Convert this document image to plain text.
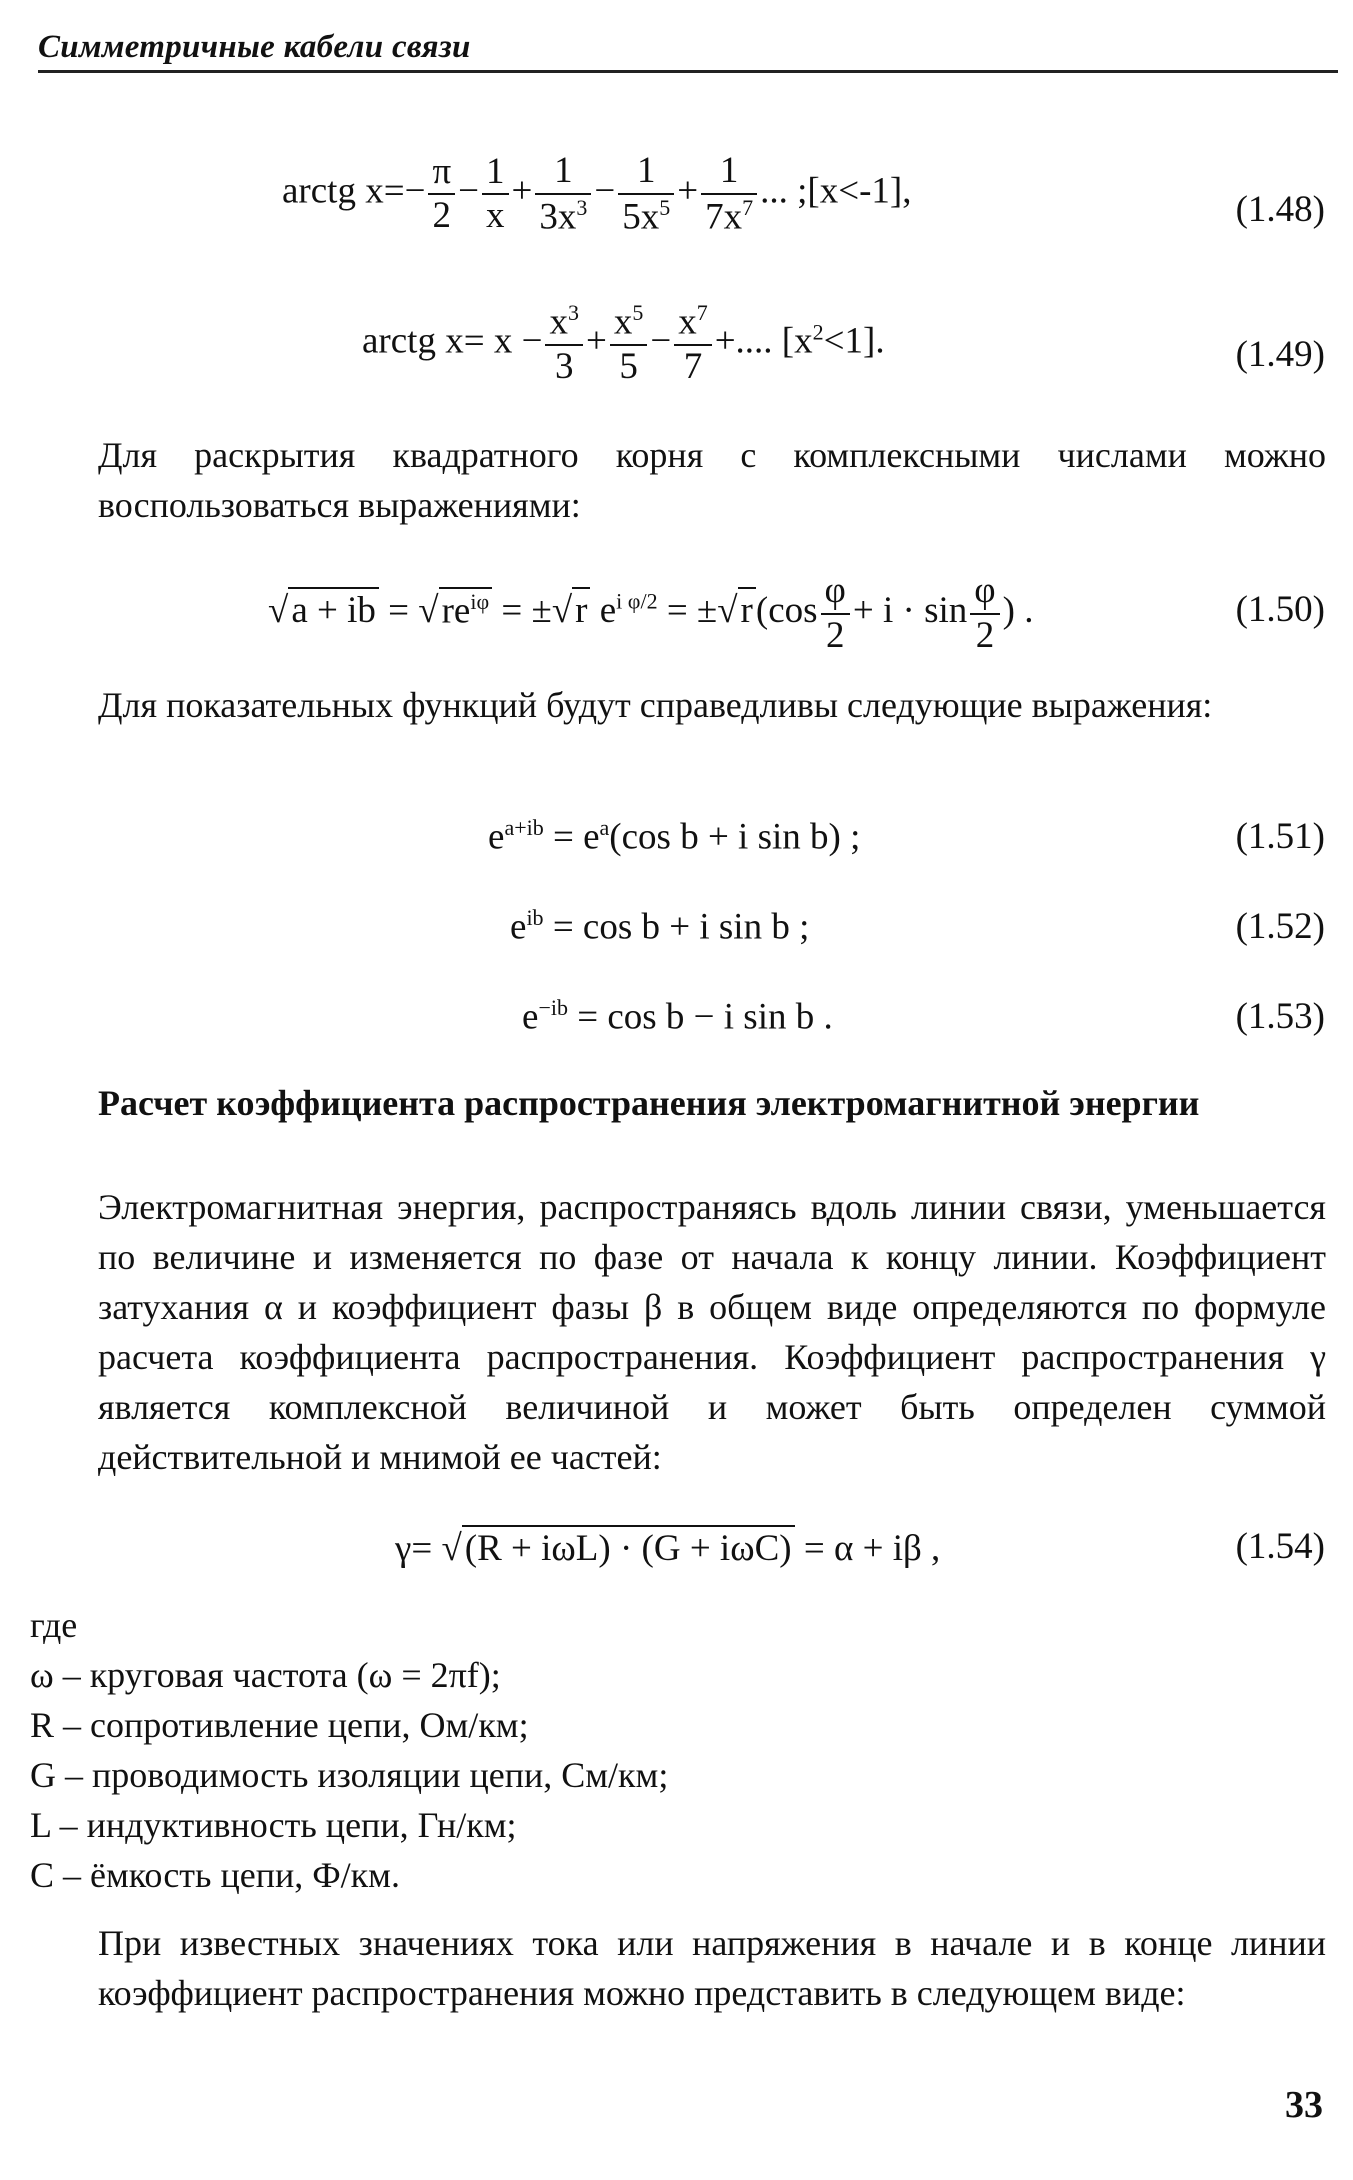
Симметричные кабели связи
arctg $x=- \frac{\pi}{2} - \frac{1}{x} + \frac{1}{3x^3} - \frac{1}{5x^5} + \frac{1}{7x^7}$ ... ;[x<-1],	(1.48)
arctg $x= x - \frac{x^3}{3} + \frac{x^5}{5} - \frac{x^7}{7}$ +.... $[x^2<1]$.	(1.49)
Для раскрытия квадратного корня с комплексными числами можно воспользоваться выражениями:
√a + ib = $√re^{i\varphi} = \pm√r$ $e^{i \varphi/2} = \pm√r(\cos \frac{\varphi}{2} + i \cdot \sin \frac{\varphi}{2}$ ) .	(1.50)
Для показательных функций будут справедливы следующие выражения:
$e^{a+ib} = e^a(\cos$ b + i sin b) ;	(1.51)
$e^{ib} = \cos b + i$ sin b ;	(1.52)
$e^{-ib} = \cos b - i$ sin b .	(1.53)
Расчет коэффициента распространения электромагнитной энергии
Электромагнитная энергия, распространяясь вдоль линии связи, уменьшается по величине и изменяется по фазе от начала к концу линии. Коэффициент затухания α и коэффициент фазы β в общем виде определяются по формуле расчета коэффициента распространения. Коэффициент распространения γ является комплексной величиной и может быть определен суммой действительной и мнимой ее частей:
γ= √(R + iωL) · (G + iωC) = α + iβ ,	(1.54)
где
ω – круговая частота (ω = 2πf);
R – сопротивление цепи, Ом/км;
G – проводимость изоляции цепи, См/км;
L – индуктивность цепи, Гн/км;
C – ёмкость цепи, Ф/км.
При известных значениях тока или напряжения в начале и в конце линии коэффициент распространения можно представить в следующем виде:
33
